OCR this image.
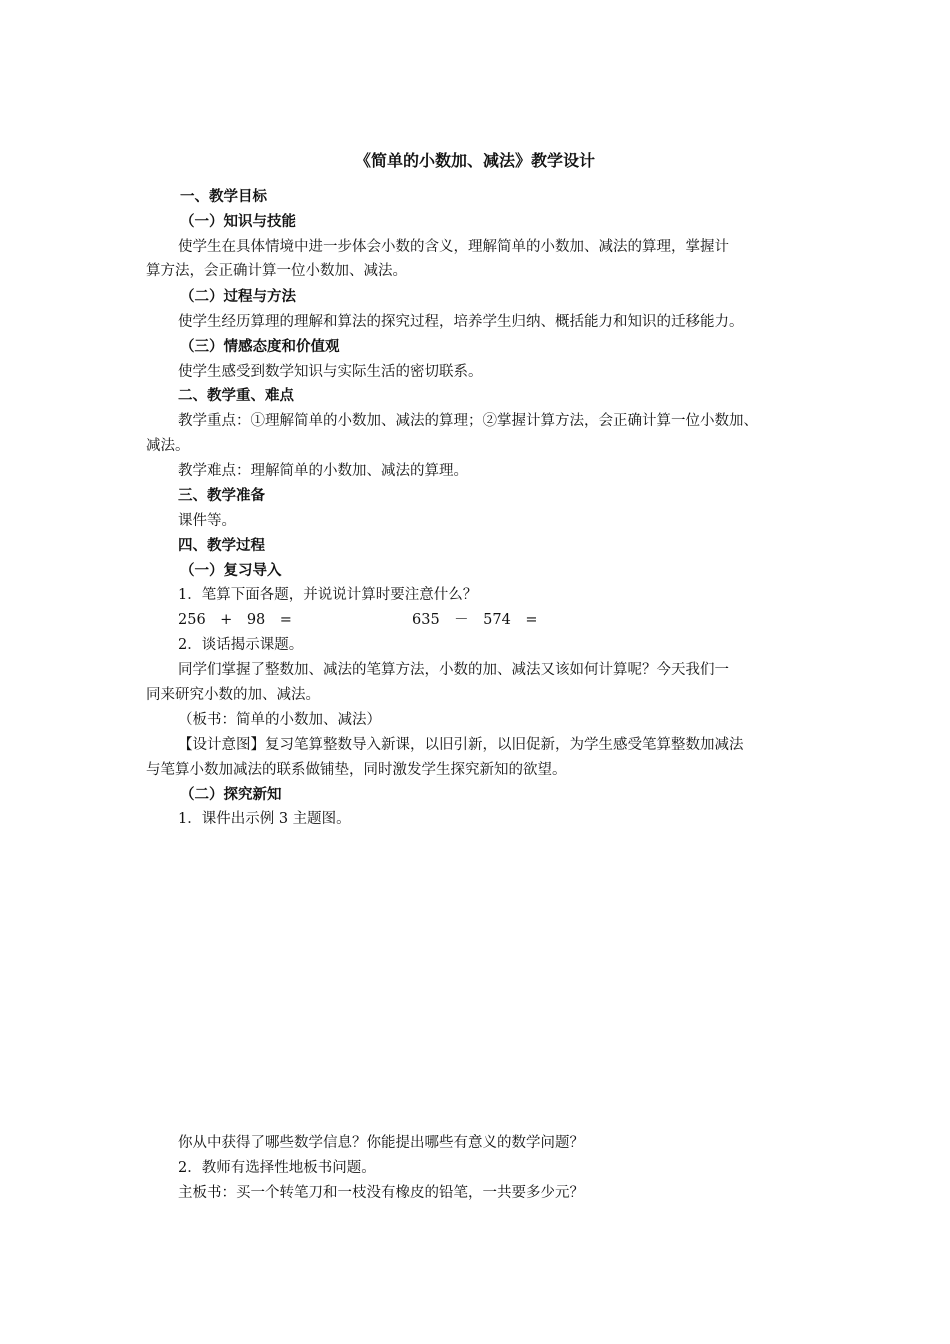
《简单的小数加、减法》教学设计
一、教学目标
（一）知识与技能
使学生在具体情境中进一步体会小数的含义，理解简单的小数加、减法的算理，掌握计
算方法，会正确计算一位小数加、减法。
（二）过程与方法
使学生经历算理的理解和算法的探究过程，培养学生归纳、概括能力和知识的迁移能力。
（三）情感态度和价值观
使学生感受到数学知识与实际生活的密切联系。
二、教学重、难点
教学重点：①理解简单的小数加、减法的算理；②掌握计算方法，会正确计算一位小数加、
减法。
教学难点：理解简单的小数加、减法的算理。
三、教学准备
课件等。
四、教学过程
（一）复习导入
1．笔算下面各题，并说说计算时要注意什么？
256　+　98　=	635　－　574　=
2．谈话揭示课题。
同学们掌握了整数加、减法的笔算方法，小数的加、减法又该如何计算呢？今天我们一
同来研究小数的加、减法。
（板书：简单的小数加、减法）
【设计意图】复习笔算整数导入新课，以旧引新，以旧促新，为学生感受笔算整数加减法
与笔算小数加减法的联系做铺垫，同时激发学生探究新知的欲望。
（二）探究新知
1．课件出示例 3 主题图。
你从中获得了哪些数学信息？你能提出哪些有意义的数学问题？
2．教师有选择性地板书问题。
主板书：买一个转笔刀和一枝没有橡皮的铅笔，一共要多少元？
